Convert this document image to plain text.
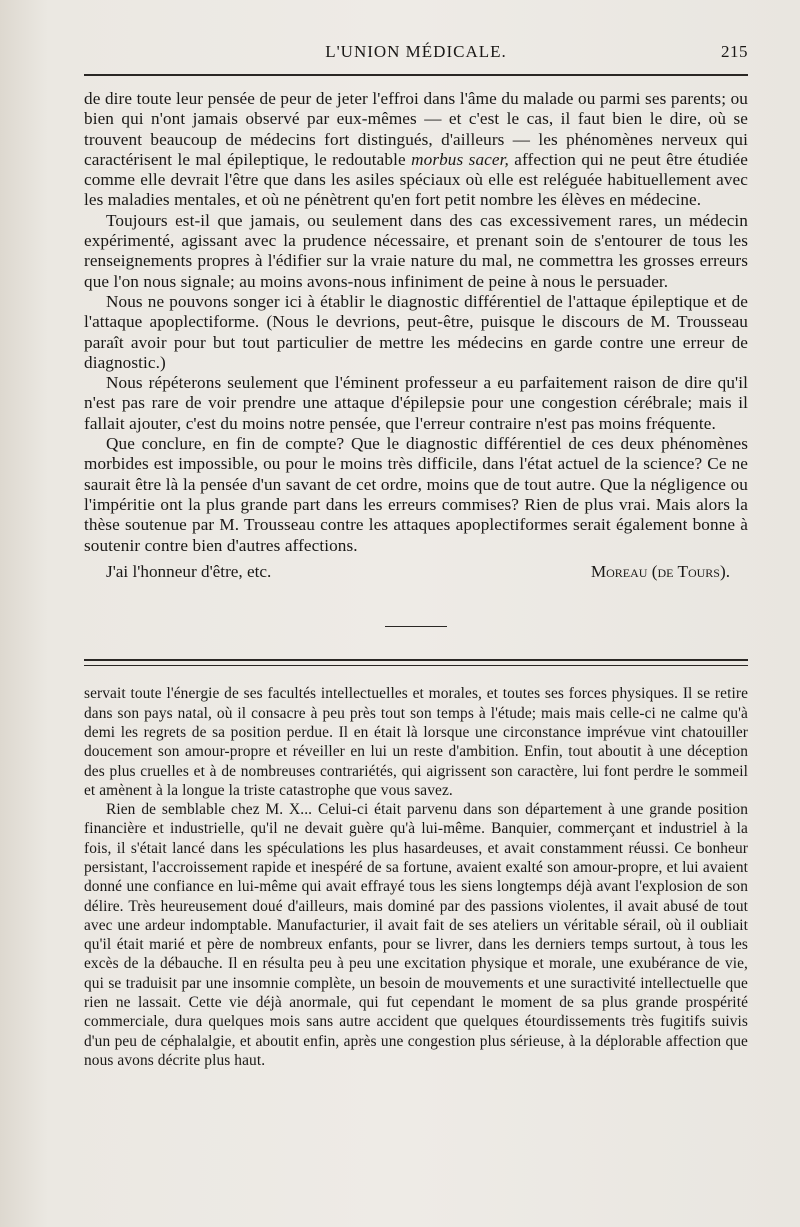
L'UNION MÉDICALE.	215

de dire toute leur pensée de peur de jeter l'effroi dans l'âme du malade ou parmi ses parents; ou bien qui n'ont jamais observé par eux-mêmes — et c'est le cas, il faut bien le dire, où se trouvent beaucoup de médecins fort distingués, d'ailleurs — les phénomènes nerveux qui caractérisent le mal épileptique, le redoutable morbus sacer, affection qui ne peut être étudiée comme elle devrait l'être que dans les asiles spéciaux où elle est reléguée habituellement avec les maladies mentales, et où ne pénètrent qu'en fort petit nombre les élèves en médecine.

Toujours est-il que jamais, ou seulement dans des cas excessivement rares, un médecin expérimenté, agissant avec la prudence nécessaire, et prenant soin de s'entourer de tous les renseignements propres à l'édifier sur la vraie nature du mal, ne commettra les grosses erreurs que l'on nous signale; au moins avons-nous infiniment de peine à nous le persuader.

Nous ne pouvons songer ici à établir le diagnostic différentiel de l'attaque épileptique et de l'attaque apoplectiforme. (Nous le devrions, peut-être, puisque le discours de M. Trousseau paraît avoir pour but tout particulier de mettre les médecins en garde contre une erreur de diagnostic.)

Nous répéterons seulement que l'éminent professeur a eu parfaitement raison de dire qu'il n'est pas rare de voir prendre une attaque d'épilepsie pour une congestion cérébrale; mais il fallait ajouter, c'est du moins notre pensée, que l'erreur contraire n'est pas moins fréquente.

Que conclure, en fin de compte? Que le diagnostic différentiel de ces deux phénomènes morbides est impossible, ou pour le moins très difficile, dans l'état actuel de la science? Ce ne saurait être là la pensée d'un savant de cet ordre, moins que de tout autre. Que la négligence ou l'impéritie ont la plus grande part dans les erreurs commises? Rien de plus vrai. Mais alors la thèse soutenue par M. Trousseau contre les attaques apoplectiformes serait également bonne à soutenir contre bien d'autres affections.

J'ai l'honneur d'être, etc.	Moreau (de Tours).

servait toute l'énergie de ses facultés intellectuelles et morales, et toutes ses forces physiques. Il se retire dans son pays natal, où il consacre à peu près tout son temps à l'étude; mais mais celle-ci ne calme qu'à demi les regrets de sa position perdue. Il en était là lorsque une circonstance imprévue vint chatouiller doucement son amour-propre et réveiller en lui un reste d'ambition. Enfin, tout aboutit à une déception des plus cruelles et à de nombreuses contrariétés, qui aigrissent son caractère, lui font perdre le sommeil et amènent à la longue la triste catastrophe que vous savez.

Rien de semblable chez M. X... Celui-ci était parvenu dans son département à une grande position financière et industrielle, qu'il ne devait guère qu'à lui-même. Banquier, commerçant et industriel à la fois, il s'était lancé dans les spéculations les plus hasardeuses, et avait constamment réussi. Ce bonheur persistant, l'accroissement rapide et inespéré de sa fortune, avaient exalté son amour-propre, et lui avaient donné une confiance en lui-même qui avait effrayé tous les siens longtemps déjà avant l'explosion de son délire. Très heureusement doué d'ailleurs, mais dominé par des passions violentes, il avait abusé de tout avec une ardeur indomptable. Manufacturier, il avait fait de ses ateliers un véritable sérail, où il oubliait qu'il était marié et père de nombreux enfants, pour se livrer, dans les derniers temps surtout, à tous les excès de la débauche. Il en résulta peu à peu une excitation physique et morale, une exubérance de vie, qui se traduisit par une insomnie complète, un besoin de mouvements et une suractivité intellectuelle que rien ne lassait. Cette vie déjà anormale, qui fut cependant le moment de sa plus grande prospérité commerciale, dura quelques mois sans autre accident que quelques étourdissements très fugitifs suivis d'un peu de céphalalgie, et aboutit enfin, après une congestion plus sérieuse, à la déplorable affection que nous avons décrite plus haut.
